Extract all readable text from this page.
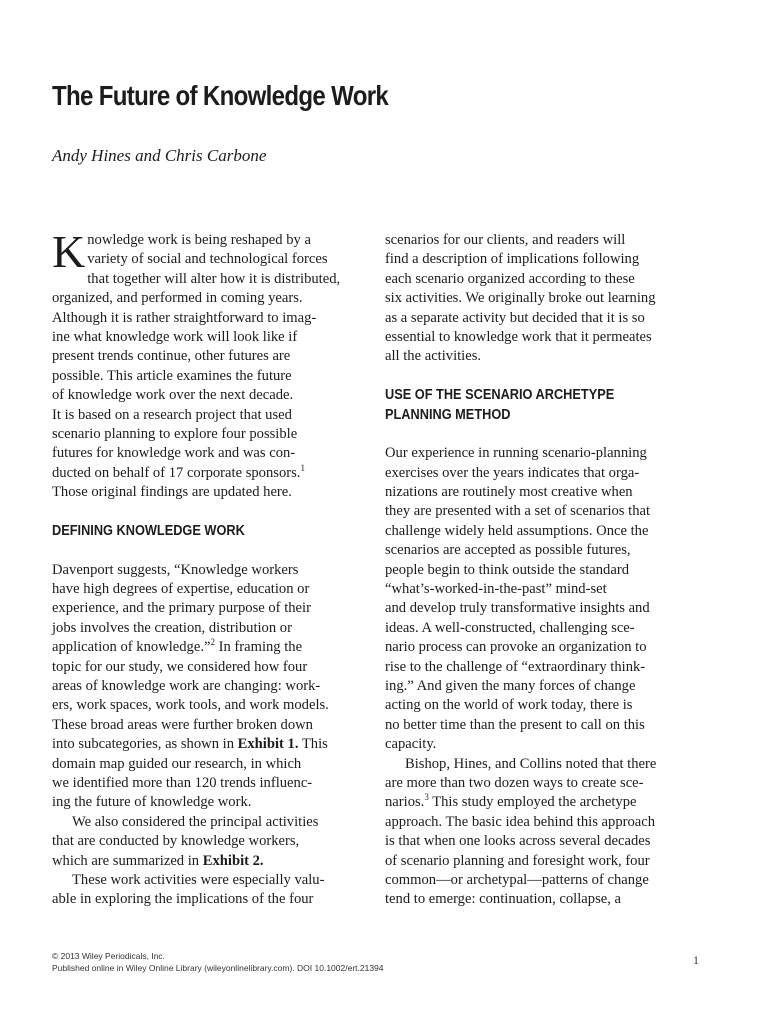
The Future of Knowledge Work

Andy Hines and Chris Carbone

K nowledge work is being reshaped by a
variety of social and technological forces
that together will alter how it is distributed,
organized, and performed in coming years.
Although it is rather straightforward to imag-
ine what knowledge work will look like if
present trends continue, other futures are
possible. This article examines the future
of knowledge work over the next decade.
It is based on a research project that used
scenario planning to explore four possible
futures for knowledge work and was con-
ducted on behalf of 17 corporate sponsors.$^1$
Those original findings are updated here.
DEFINING KNOWLEDGE WORK
Davenport suggests, “Knowledge workers
have high degrees of expertise, education or
experience, and the primary purpose of their
jobs involves the creation, distribution or
application of knowledge.”$^2$ In framing the
topic for our study, we considered how four
areas of knowledge work are changing: work-
ers, work spaces, work tools, and work models.
These broad areas were further broken down
into subcategories, as shown in Exhibit 1. This
domain map guided our research, in which
we identified more than 120 trends influenc-
ing the future of knowledge work.
We also considered the principal activities
that are conducted by knowledge workers,
which are summarized in Exhibit 2.
These work activities were especially valu-
able in exploring the implications of the four
scenarios for our clients, and readers will
find a description of implications following
each scenario organized according to these
six activities. We originally broke out learning
as a separate activity but decided that it is so
essential to knowledge work that it permeates
all the activities.
USE OF THE SCENARIO ARCHETYPE
PLANNING METHOD
Our experience in running scenario-planning
exercises over the years indicates that orga-
nizations are routinely most creative when
they are presented with a set of scenarios that
challenge widely held assumptions. Once the
scenarios are accepted as possible futures,
people begin to think outside the standard
“what’s-worked-in-the-past” mind-set
and develop truly transformative insights and
ideas. A well-constructed, challenging sce-
nario process can provoke an organization to
rise to the challenge of “extraordinary think-
ing.” And given the many forces of change
acting on the world of work today, there is
no better time than the present to call on this
capacity.
Bishop, Hines, and Collins noted that there
are more than two dozen ways to create sce-
narios.$^3$ This study employed the archetype
approach. The basic idea behind this approach
is that when one looks across several decades
of scenario planning and foresight work, four
common—or archetypal—patterns of change
tend to emerge: continuation, collapse, a
© 2013 Wiley Periodicals, Inc.
Published online in Wiley Online Library (wileyonlinelibrary.com). DOI 10.1002/ert.21394
1
